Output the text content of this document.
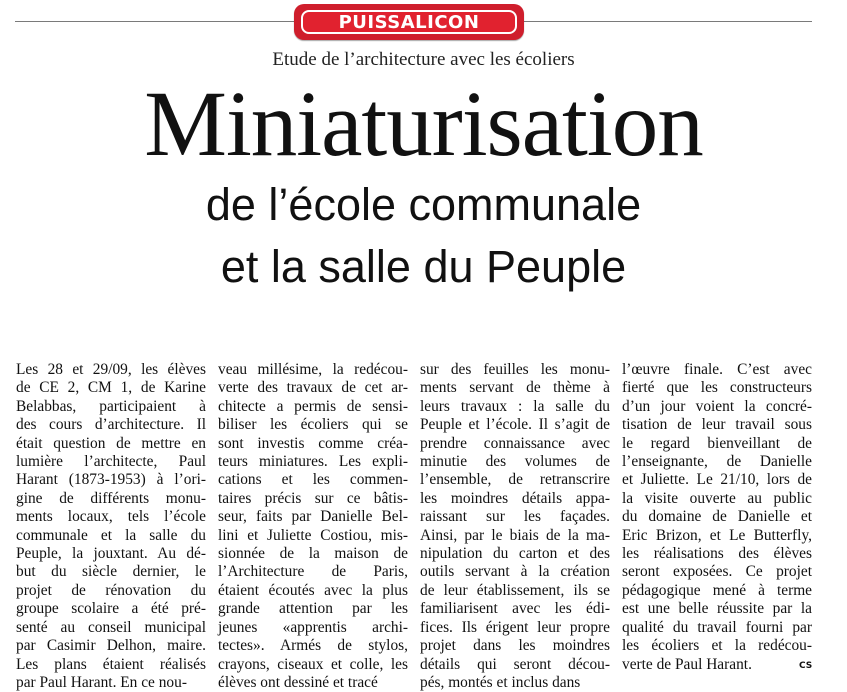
PUISSALICON
Etude de l’architecture avec les écoliers
Miniaturisation
de l’école communale
et la salle du Peuple
Les 28 et 29/09, les élèves
de CE 2, CM 1, de Karine
Belabbas, participaient à
des cours d’architecture. Il
était question de mettre en
lumière l’architecte, Paul
Harant (1873-1953) à l’ori-
gine de différents monu-
ments locaux, tels l’école
communale et la salle du
Peuple, la jouxtant. Au dé-
but du siècle dernier, le
projet de rénovation du
groupe scolaire a été pré-
senté au conseil municipal
par Casimir Delhon, maire.
Les plans étaient réalisés
par Paul Harant. En ce nou-
veau millésime, la redécou-
verte des travaux de cet ar-
chitecte a permis de sensi-
biliser les écoliers qui se
sont investis comme créa-
teurs miniatures. Les expli-
cations et les commen-
taires précis sur ce bâtis-
seur, faits par Danielle Bel-
lini et Juliette Costiou, mis-
sionnée de la maison de
l’Architecture de Paris,
étaient écoutés avec la plus
grande attention par les
jeunes «apprentis archi-
tectes». Armés de stylos,
crayons, ciseaux et colle, les
élèves ont dessiné et tracé
sur des feuilles les monu-
ments servant de thème à
leurs travaux : la salle du
Peuple et l’école. Il s’agit de
prendre connaissance avec
minutie des volumes de
l’ensemble, de retranscrire
les moindres détails appa-
raissant sur les façades.
Ainsi, par le biais de la ma-
nipulation du carton et des
outils servant à la création
de leur établissement, ils se
familiarisent avec les édi-
fices. Ils érigent leur propre
projet dans les moindres
détails qui seront décou-
pés, montés et inclus dans
l’œuvre finale. C’est avec
fierté que les constructeurs
d’un jour voient la concré-
tisation de leur travail sous
le regard bienveillant de
l’enseignante, de Danielle
et Juliette. Le 21/10, lors de
la visite ouverte au public
du domaine de Danielle et
Eric Brizon, et Le Butterfly,
les réalisations des élèves
seront exposées. Ce projet
pédagogique mené à terme
est une belle réussite par la
qualité du travail fourni par
les écoliers et la redécou-
verte de Paul Harant.	CS
